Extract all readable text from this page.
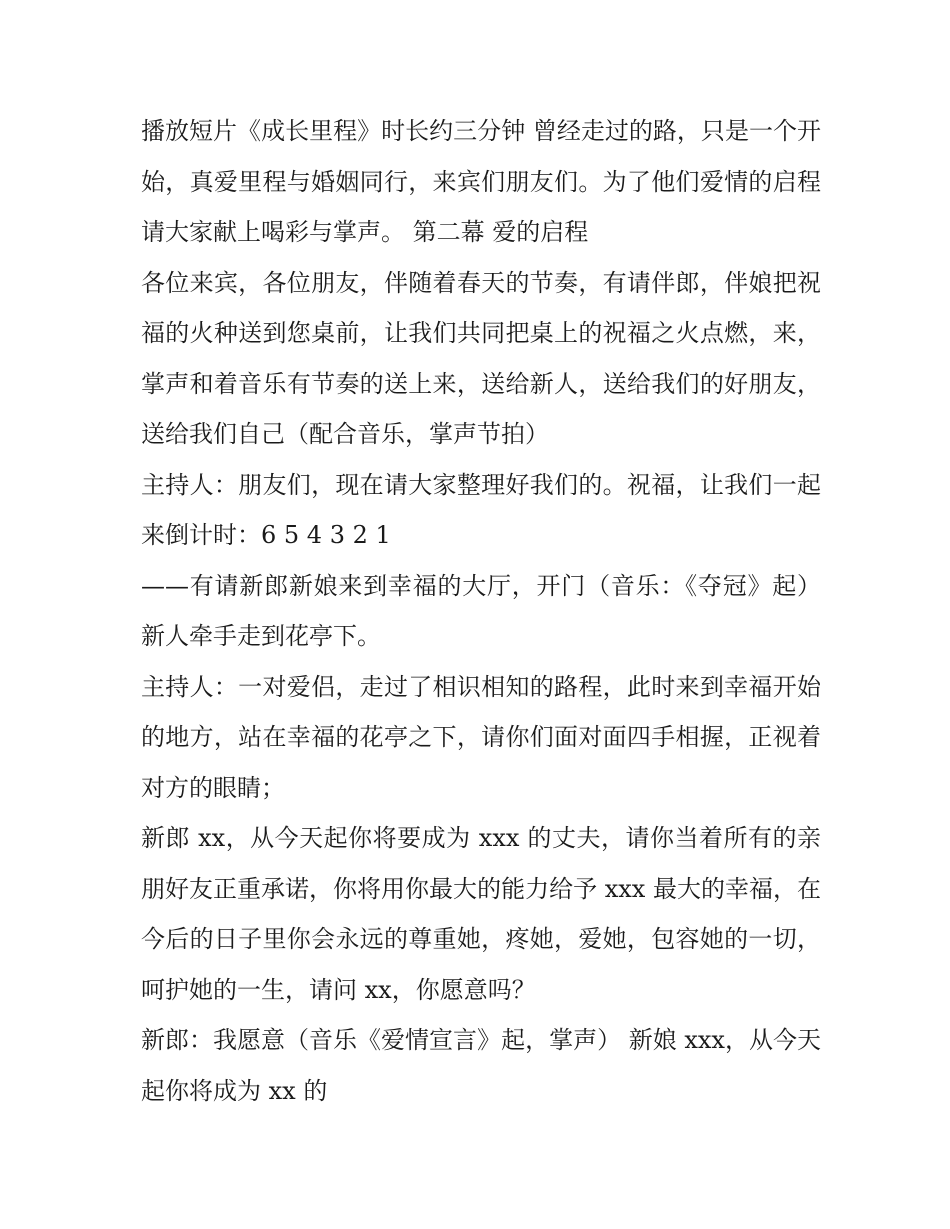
播放短片《成长里程》时长约三分钟 曾经走过的路，只是一个开始，真爱里程与婚姻同行，来宾们朋友们。为了他们爱情的启程请大家献上喝彩与掌声。 第二幕 爱的启程

各位来宾，各位朋友，伴随着春天的节奏，有请伴郎，伴娘把祝福的火种送到您桌前，让我们共同把桌上的祝福之火点燃，来，掌声和着音乐有节奏的送上来，送给新人，送给我们的好朋友，送给我们自己（配合音乐，掌声节拍）

主持人：朋友们，现在请大家整理好我们的。祝福，让我们一起来倒计时：6 5 4 3 2 1

——有请新郎新娘来到幸福的大厅，开门（音乐：《夺冠》起）新人牵手走到花亭下。

主持人：一对爱侣，走过了相识相知的路程，此时来到幸福开始的地方，站在幸福的花亭之下，请你们面对面四手相握，正视着对方的眼睛；

新郎 xx，从今天起你将要成为 xxx 的丈夫，请你当着所有的亲朋好友正重承诺，你将用你最大的能力给予 xxx 最大的幸福，在今后的日子里你会永远的尊重她，疼她，爱她，包容她的一切，呵护她的一生，请问 xx，你愿意吗？

新郎：我愿意（音乐《爱情宣言》起，掌声） 新娘 xxx，从今天起你将成为 xx 的
